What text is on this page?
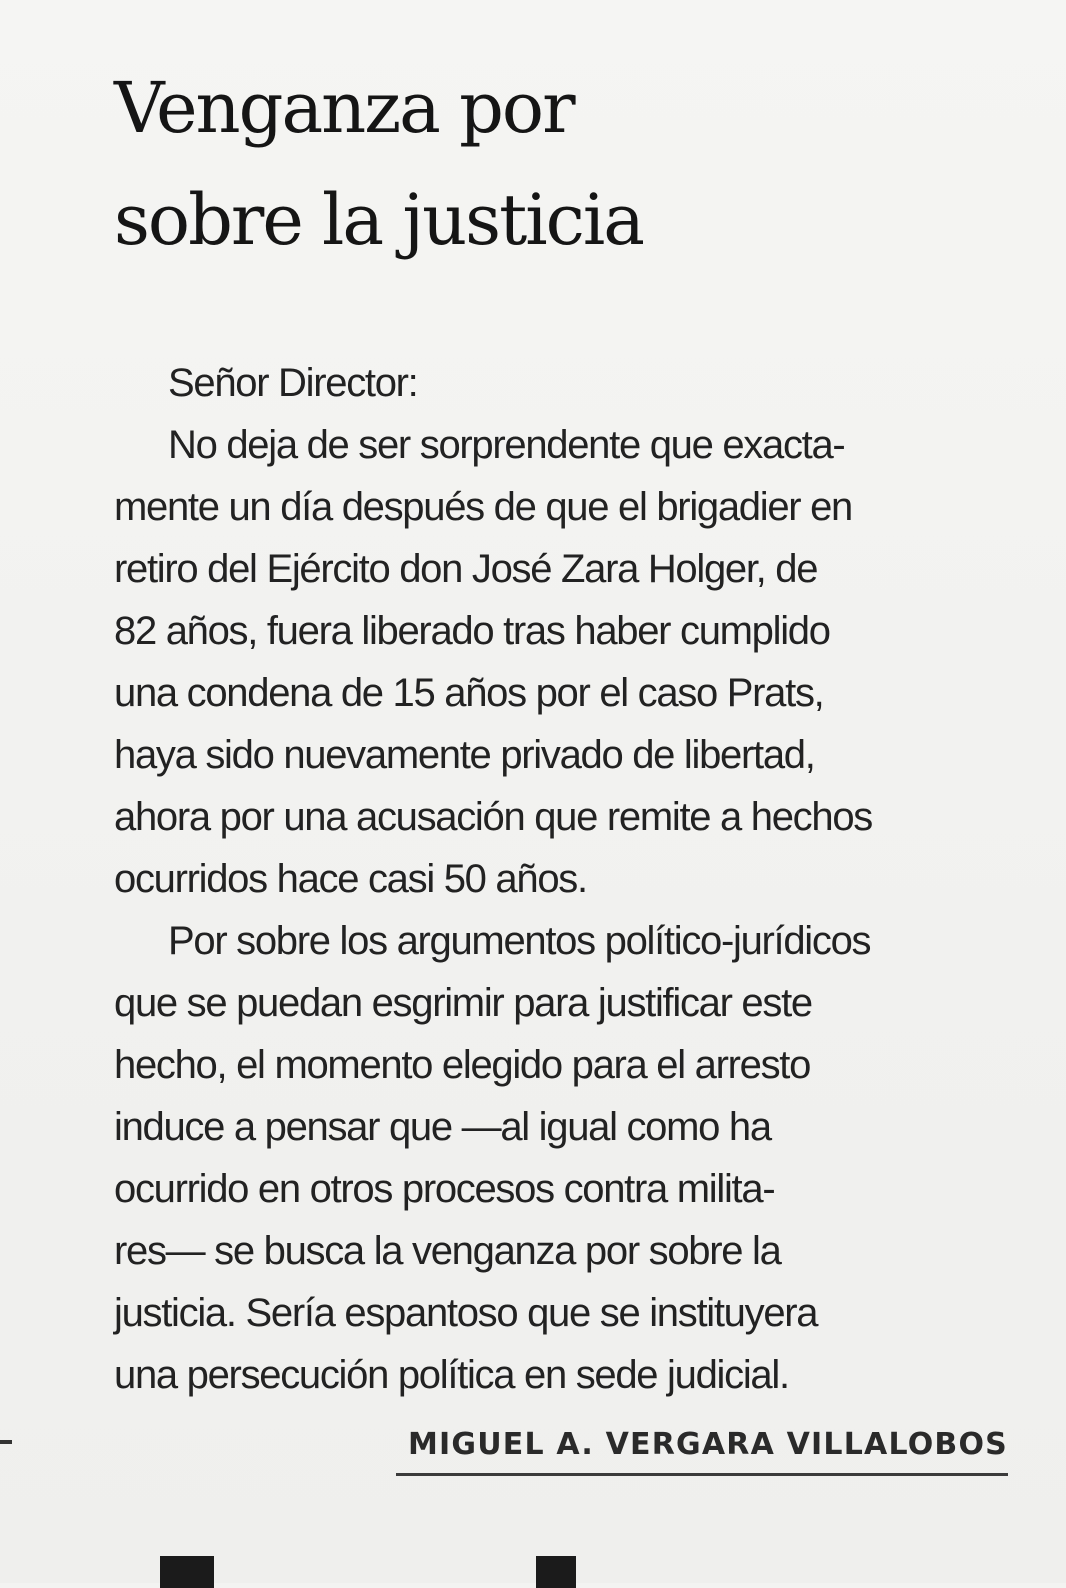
Venganza por
sobre la justicia
Señor Director:
No deja de ser sorprendente que exacta-
mente un día después de que el brigadier en
retiro del Ejército don José Zara Holger, de
82 años, fuera liberado tras haber cumplido
una condena de 15 años por el caso Prats,
haya sido nuevamente privado de libertad,
ahora por una acusación que remite a hechos
ocurridos hace casi 50 años.
Por sobre los argumentos político-jurídicos
que se puedan esgrimir para justificar este
hecho, el momento elegido para el arresto
induce a pensar que —al igual como ha
ocurrido en otros procesos contra milita-
res— se busca la venganza por sobre la
justicia. Sería espantoso que se instituyera
una persecución política en sede judicial.
MIGUEL A. VERGARA VILLALOBOS
